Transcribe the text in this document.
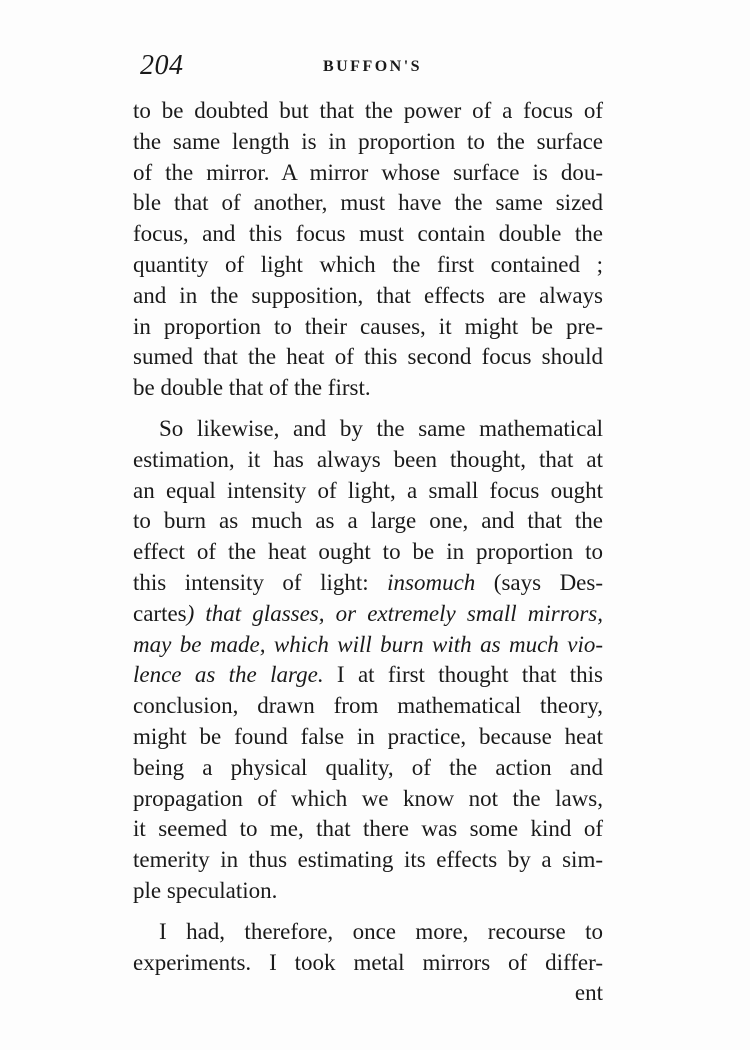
204	BUFFON'S
to be doubted but that the power of a focus of
the same length is in proportion to the surface
of the mirror. A mirror whose surface is dou-
ble that of another, must have the same sized
focus, and this focus must contain double the
quantity of light which the first contained ;
and in the supposition, that effects are always
in proportion to their causes, it might be pre-
sumed that the heat of this second focus should
be double that of the first.
So likewise, and by the same mathematical
estimation, it has always been thought, that at
an equal intensity of light, a small focus ought
to burn as much as a large one, and that the
effect of the heat ought to be in proportion to
this intensity of light: insomuch (says Des-
cartes) that glasses, or extremely small mirrors,
may be made, which will burn with as much vio-
lence as the large. I at first thought that this
conclusion, drawn from mathematical theory,
might be found false in practice, because heat
being a physical quality, of the action and
propagation of which we know not the laws,
it seemed to me, that there was some kind of
temerity in thus estimating its effects by a sim-
ple speculation.
I had, therefore, once more, recourse to
experiments. I took metal mirrors of differ-
ent
